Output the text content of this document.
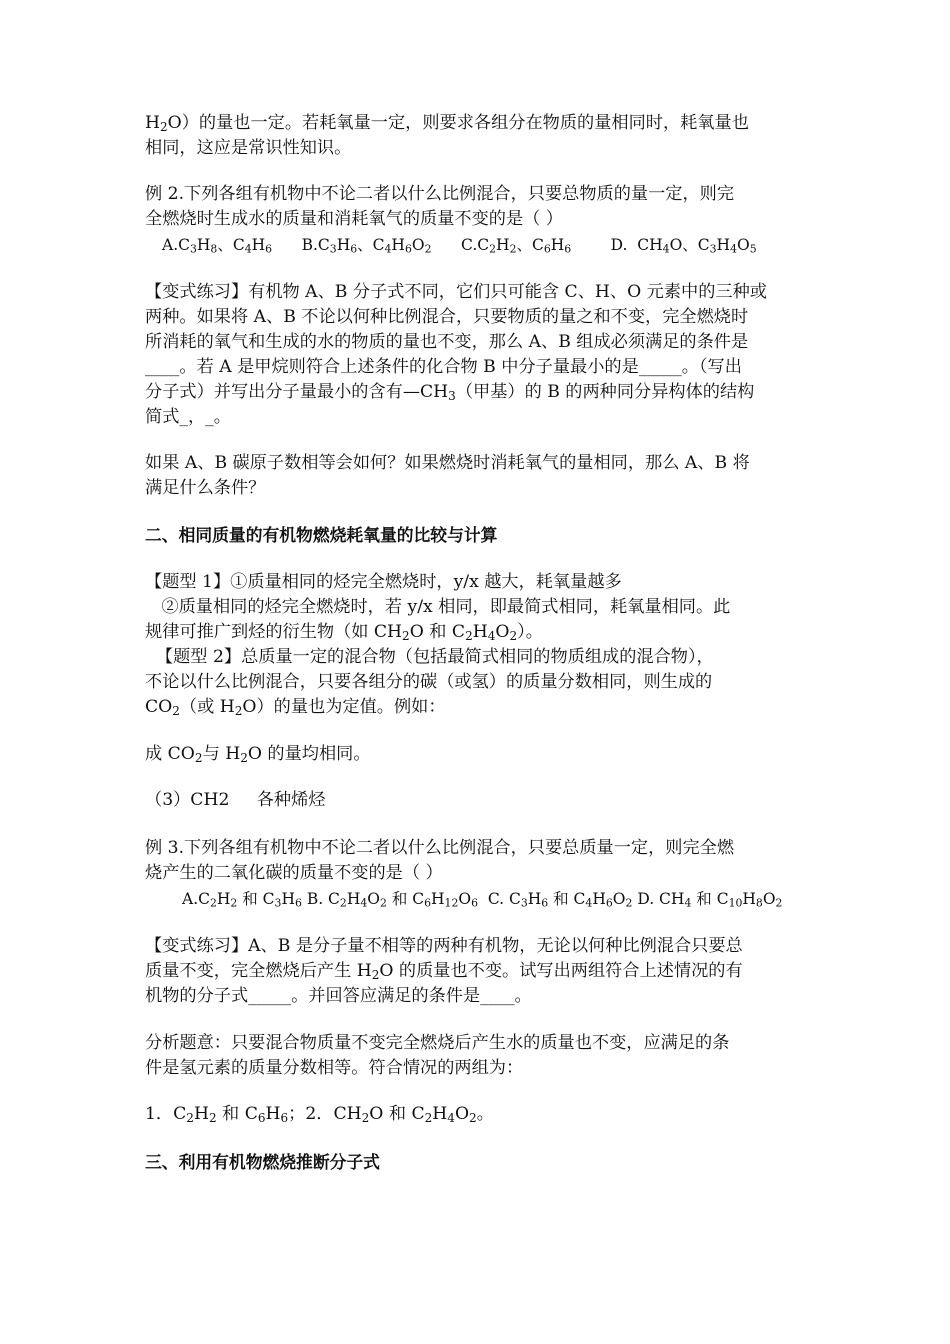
$H_2O$）的量也一定。若耗氧量一定，则要求各组分在物质的量相同时，耗氧量也
相同，这应是常识性知识。
例 2.下列各组有机物中不论二者以什么比例混合，只要总物质的量一定，则完
全燃烧时生成水的质量和消耗氧气的质量不变的是（ ）
$A.C_3H_8$、$C_4H_6$      $B.C_3H_6$、$C_4H_6O_2$      $C.C_2H_2$、$C_6H_6$        D.  $CH_4O$、$C_3H_4O_5$
【变式练习】有机物 A、B 分子式不同，它们只可能含 C、H、O 元素中的三种或
两种。如果将 A、B 不论以何种比例混合，只要物质的量之和不变，完全燃烧时
所消耗的氧气和生成的水的物质的量也不变，那么 A、B 组成必须满足的条件是
____。若 A 是甲烷则符合上述条件的化合物 B 中分子量最小的是_____。（写出
分子式）并写出分子量最小的含有$—CH_3$（甲基）的 B 的两种同分异构体的结构
简式_，_。
如果 A、B 碳原子数相等会如何？如果燃烧时消耗氧气的量相同，那么 A、B 将
满足什么条件？
二、相同质量的有机物燃烧耗氧量的比较与计算
【题型 1】①质量相同的烃完全燃烧时，y/x 越大，耗氧量越多
②质量相同的烃完全燃烧时，若 y/x 相同，即最简式相同，耗氧量相同。此
规律可推广到烃的衍生物（如 $CH_2O$ 和 $C_2H_4O_2$）。
【题型 2】总质量一定的混合物（包括最简式相同的物质组成的混合物），
不论以什么比例混合，只要各组分的碳（或氢）的质量分数相同，则生成的
$CO_2$（或 $H_2O$）的量也为定值。例如：
成 $CO_2$与 $H_2O$ 的量均相同。
（3）CH2     各种烯烃
例 3.下列各组有机物中不论二者以什么比例混合，只要总质量一定，则完全燃
烧产生的二氧化碳的质量不变的是（ ）
$A.C_2H_2$ 和 $C_3H_6$ B. $C_2H_4O_2$ 和 $C_6H_{12}O_6$  C. $C_3H_6$ 和 $C_4H_6O_2$ D. $CH_4$ 和 $C_{10}H_8O_2$
【变式练习】A、B 是分子量不相等的两种有机物，无论以何种比例混合只要总
质量不变，完全燃烧后产生 $H_2O$ 的质量也不变。试写出两组符合上述情况的有
机物的分子式_____。并回答应满足的条件是____。
分析题意：只要混合物质量不变完全燃烧后产生水的质量也不变，应满足的条
件是氢元素的质量分数相等。符合情况的两组为：
1．$C_2H_2$ 和 $C_6H_6$；2．$CH_2O$ 和 $C_2H_4O_2$。
三、利用有机物燃烧推断分子式
